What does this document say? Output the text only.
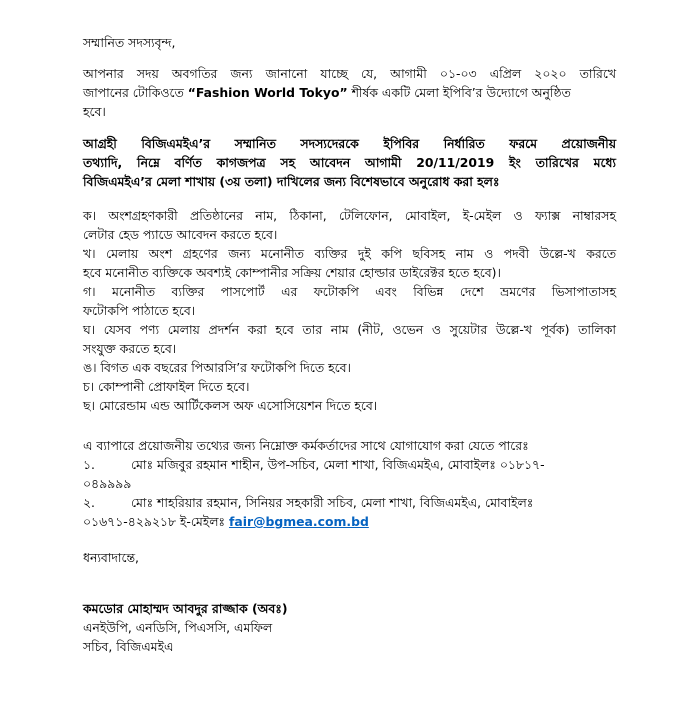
সম্মানিত সদস্যবৃন্দ,
আপনার সদয় অবগতির জন্য জানানো যাচ্ছে যে, আগামী ০১-০৩ এপ্রিল ২০২০ তারিখে
জাপানের টোকিওতে “Fashion World Tokyo” শীর্ষক একটি মেলা ইপিবি’র উদ্যোগে অনুষ্ঠিত
হবে।
আগ্রহী বিজিএমইএ’র সম্মানিত সদস্যদেরকে ইপিবির নির্ধারিত ফরমে প্রয়োজনীয়
তথ্যাদি, নিম্নে বর্ণিত কাগজপত্র সহ আবেদন আগামী 20/11/2019 ইং তারিখের মধ্যে
বিজিএমইএ’র মেলা শাখায় (৩য় তলা) দাখিলের জন্য বিশেষভাবে অনুরোধ করা হলঃ
ক। অংশগ্রহণকারী প্রতিষ্ঠানের নাম, ঠিকানা, টেলিফোন, মোবাইল, ই-মেইল ও ফ্যাক্স নাম্বারসহ
লেটার হেড প্যাডে আবেদন করতে হবে।
খ। মেলায় অংশ গ্রহণের জন্য মনোনীত ব্যক্তির দুই কপি ছবিসহ নাম ও পদবী উল্লে-খ করতে
হবে মনোনীত ব্যক্তিকে অবশ্যই কোম্পানীর সক্রিয় শেয়ার হোল্ডার ডাইরেক্টর হতে হবে)।
গ। মনোনীত ব্যক্তির পাসপোর্ট এর ফটোকপি এবং বিভিন্ন দেশে ভ্রমণের ভিসাপাতাসহ
ফটোকপি পাঠাতে হবে।
ঘ। যেসব পণ্য মেলায় প্রদর্শন করা হবে তার নাম (নীট, ওভেন ও সুয়েটার উল্লে-খ পূর্বক) তালিকা
সংযুক্ত করতে হবে।
ঙ। বিগত এক বছরের পিআরসি’র ফটোকপি দিতে হবে।
চ। কোম্পানী প্রোফাইল দিতে হবে।
ছ। মোরেন্ডাম এন্ড আর্টিকেলস অফ এসোসিয়েশন দিতে হবে।
এ ব্যাপারে প্রয়োজনীয় তথ্যের জন্য নিম্নোক্ত কর্মকর্তাদের সাথে যোগাযোগ করা যেতে পারেঃ
১.	মোঃ মজিবুর রহমান শাহীন, উপ-সচিব, মেলা শাখা, বিজিএমইএ, মোবাইলঃ ০১৮১৭-
০৪৯৯৯৯
২.	মোঃ শাহরিয়ার রহমান, সিনিয়র সহকারী সচিব, মেলা শাখা, বিজিএমইএ, মোবাইলঃ
০১৬৭১-৪২৯২১৮ ই-মেইলঃ fair@bgmea.com.bd
ধন্যবাদান্তে,
কমডোর মোহাম্মদ আবদুর রাজ্জাক (অবঃ)
এনইউপি, এনডিসি, পিএসসি, এমফিল
সচিব, বিজিএমইএ
